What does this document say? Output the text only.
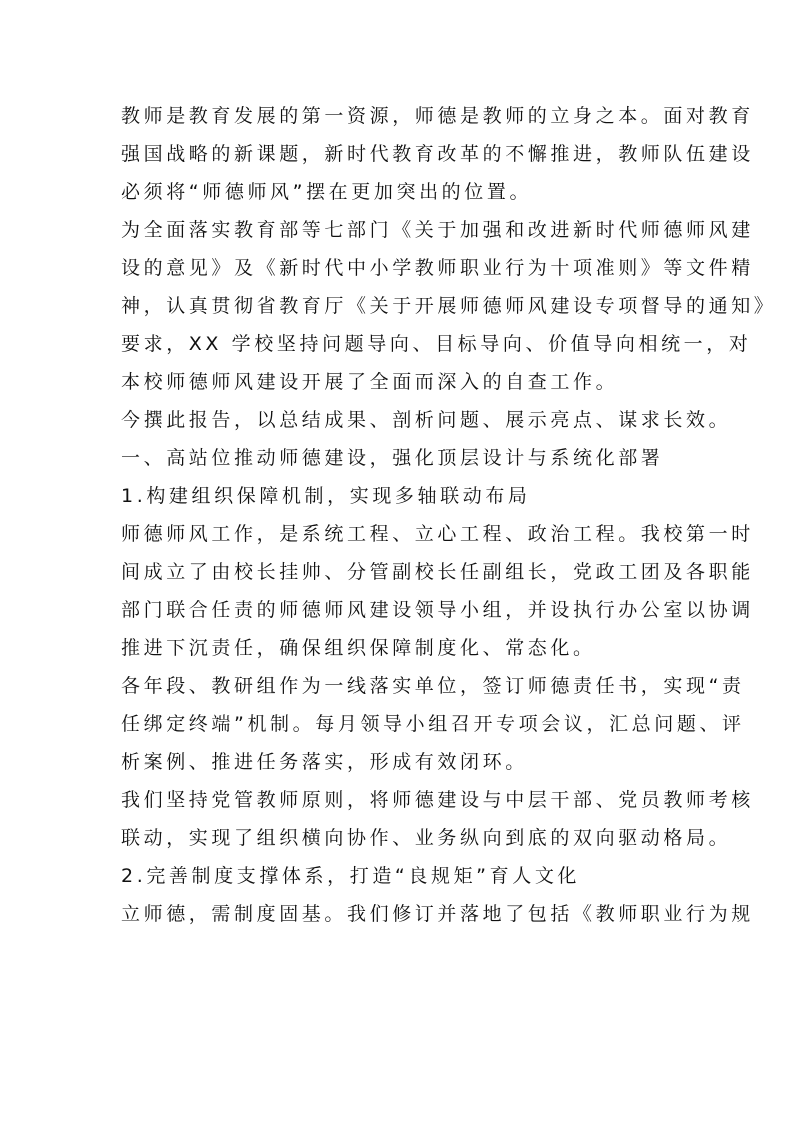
教师是教育发展的第一资源，师德是教师的立身之本。面对教育
强国战略的新课题，新时代教育改革的不懈推进，教师队伍建设
必须将“师德师风”摆在更加突出的位置。
为全面落实教育部等七部门《关于加强和改进新时代师德师风建
设的意见》及《新时代中小学教师职业行为十项准则》等文件精
神，认真贯彻省教育厅《关于开展师德师风建设专项督导的通知》
要求，XX 学校坚持问题导向、目标导向、价值导向相统一，对
本校师德师风建设开展了全面而深入的自查工作。
今撰此报告，以总结成果、剖析问题、展示亮点、谋求长效。
一、高站位推动师德建设，强化顶层设计与系统化部署
1.构建组织保障机制，实现多轴联动布局
师德师风工作，是系统工程、立心工程、政治工程。我校第一时
间成立了由校长挂帅、分管副校长任副组长，党政工团及各职能
部门联合任责的师德师风建设领导小组，并设执行办公室以协调
推进下沉责任，确保组织保障制度化、常态化。
各年段、教研组作为一线落实单位，签订师德责任书，实现“责
任绑定终端”机制。每月领导小组召开专项会议，汇总问题、评
析案例、推进任务落实，形成有效闭环。
我们坚持党管教师原则，将师德建设与中层干部、党员教师考核
联动，实现了组织横向协作、业务纵向到底的双向驱动格局。
2.完善制度支撑体系，打造“良规矩”育人文化
立师德，需制度固基。我们修订并落地了包括《教师职业行为规
